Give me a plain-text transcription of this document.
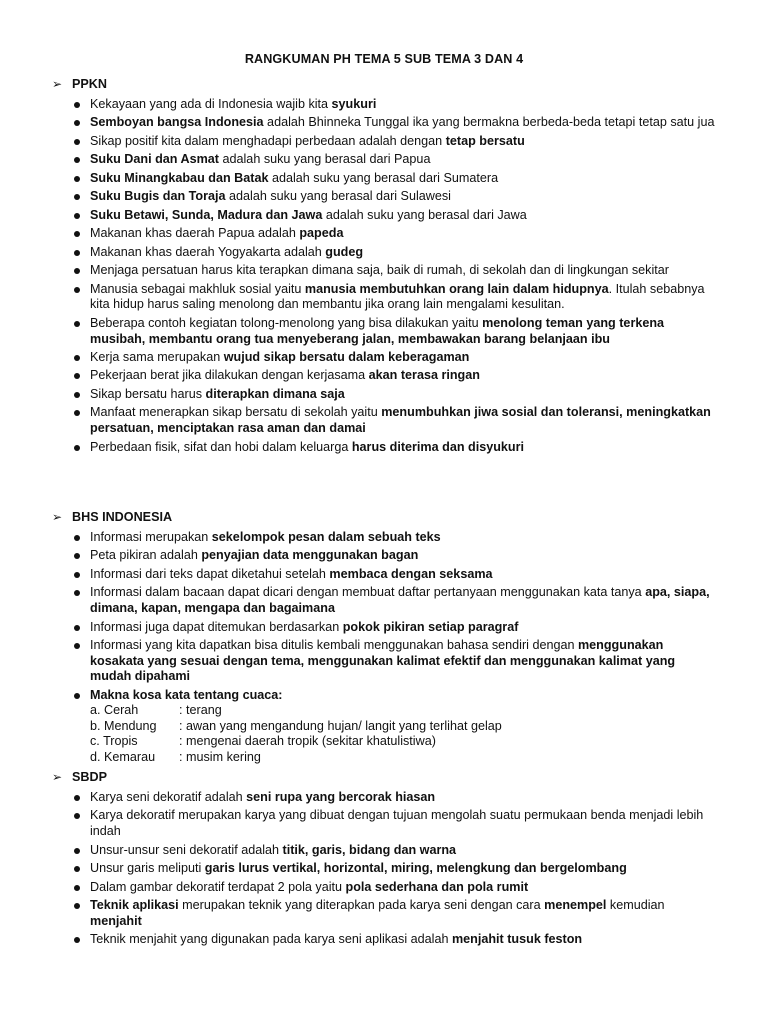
RANGKUMAN PH TEMA 5 SUB TEMA 3 DAN 4
➢ PPKN
Kekayaan yang ada di Indonesia wajib kita syukuri
Semboyan bangsa Indonesia adalah Bhinneka Tunggal ika yang bermakna berbeda-beda tetapi tetap satu jua
Sikap positif kita dalam menghadapi perbedaan adalah dengan tetap bersatu
Suku Dani dan Asmat adalah suku yang berasal dari Papua
Suku Minangkabau dan Batak adalah suku yang berasal dari Sumatera
Suku Bugis dan Toraja adalah suku yang berasal dari Sulawesi
Suku Betawi, Sunda, Madura dan Jawa adalah suku yang berasal dari Jawa
Makanan khas daerah Papua adalah papeda
Makanan khas daerah Yogyakarta adalah gudeg
Menjaga persatuan harus kita terapkan dimana saja, baik di rumah, di sekolah dan di lingkungan sekitar
Manusia sebagai makhluk sosial yaitu manusia membutuhkan orang lain dalam hidupnya. Itulah sebabnya kita hidup harus saling menolong dan membantu jika orang lain mengalami kesulitan.
Beberapa contoh kegiatan tolong-menolong yang bisa dilakukan yaitu menolong teman yang terkena musibah, membantu orang tua menyeberang jalan, membawakan barang belanjaan ibu
Kerja sama merupakan wujud sikap bersatu dalam keberagaman
Pekerjaan berat jika dilakukan dengan kerjasama akan terasa ringan
Sikap bersatu harus diterapkan dimana saja
Manfaat menerapkan sikap bersatu di sekolah yaitu menumbuhkan jiwa sosial dan toleransi, meningkatkan persatuan, menciptakan rasa aman dan damai
Perbedaan fisik, sifat dan hobi dalam keluarga harus diterima dan disyukuri
➢ BHS INDONESIA
Informasi merupakan sekelompok pesan dalam sebuah teks
Peta pikiran adalah penyajian data menggunakan bagan
Informasi dari teks dapat diketahui setelah membaca dengan seksama
Informasi dalam bacaan dapat dicari dengan membuat daftar pertanyaan menggunakan kata tanya apa, siapa, dimana, kapan, mengapa dan bagaimana
Informasi juga dapat ditemukan berdasarkan pokok pikiran setiap paragraf
Informasi yang kita dapatkan bisa ditulis kembali menggunakan bahasa sendiri dengan menggunakan kosakata yang sesuai dengan tema, menggunakan kalimat efektif dan menggunakan kalimat yang mudah dipahami
Makna kosa kata tentang cuaca:
a. Cerah	: terang
b. Mendung : awan yang mengandung hujan/ langit yang terlihat gelap
c. Tropis	: mengenai daerah tropik (sekitar khatulistiwa)
d. Kemarau : musim kering
➢ SBDP
Karya seni dekoratif adalah seni rupa yang bercorak hiasan
Karya dekoratif merupakan karya yang dibuat dengan tujuan mengolah suatu permukaan benda menjadi lebih indah
Unsur-unsur seni dekoratif adalah titik, garis, bidang dan warna
Unsur garis meliputi garis lurus vertikal, horizontal, miring, melengkung dan bergelombang
Dalam gambar dekoratif terdapat 2 pola yaitu pola sederhana dan pola rumit
Teknik aplikasi merupakan teknik yang diterapkan pada karya seni dengan cara menempel kemudian menjahit
Teknik menjahit yang digunakan pada karya seni aplikasi adalah menjahit tusuk feston
